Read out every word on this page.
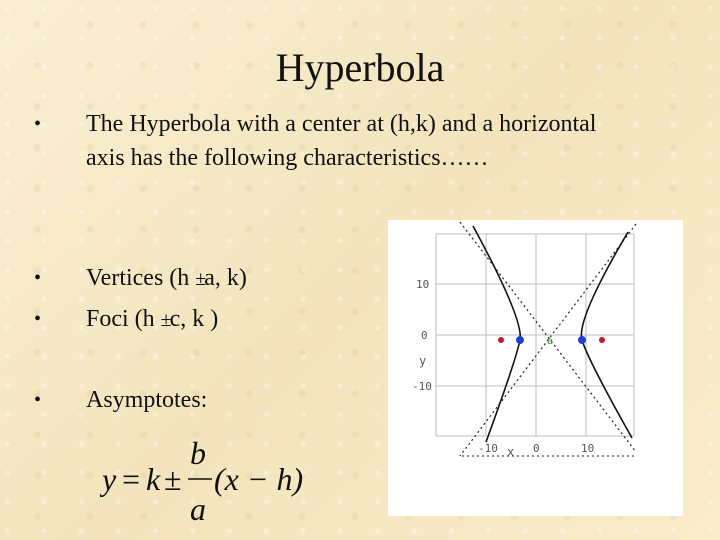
Hyperbola
• The Hyperbola with a center at (h,k) and a horizontal
axis has the following characteristics……
• Vertices (h ±a, k)
• Foci (h ±c, k )
• Asymptotes:
y = k ±
b
a
(x − h)
a
10
0
-10
y
-10	0	10
x
